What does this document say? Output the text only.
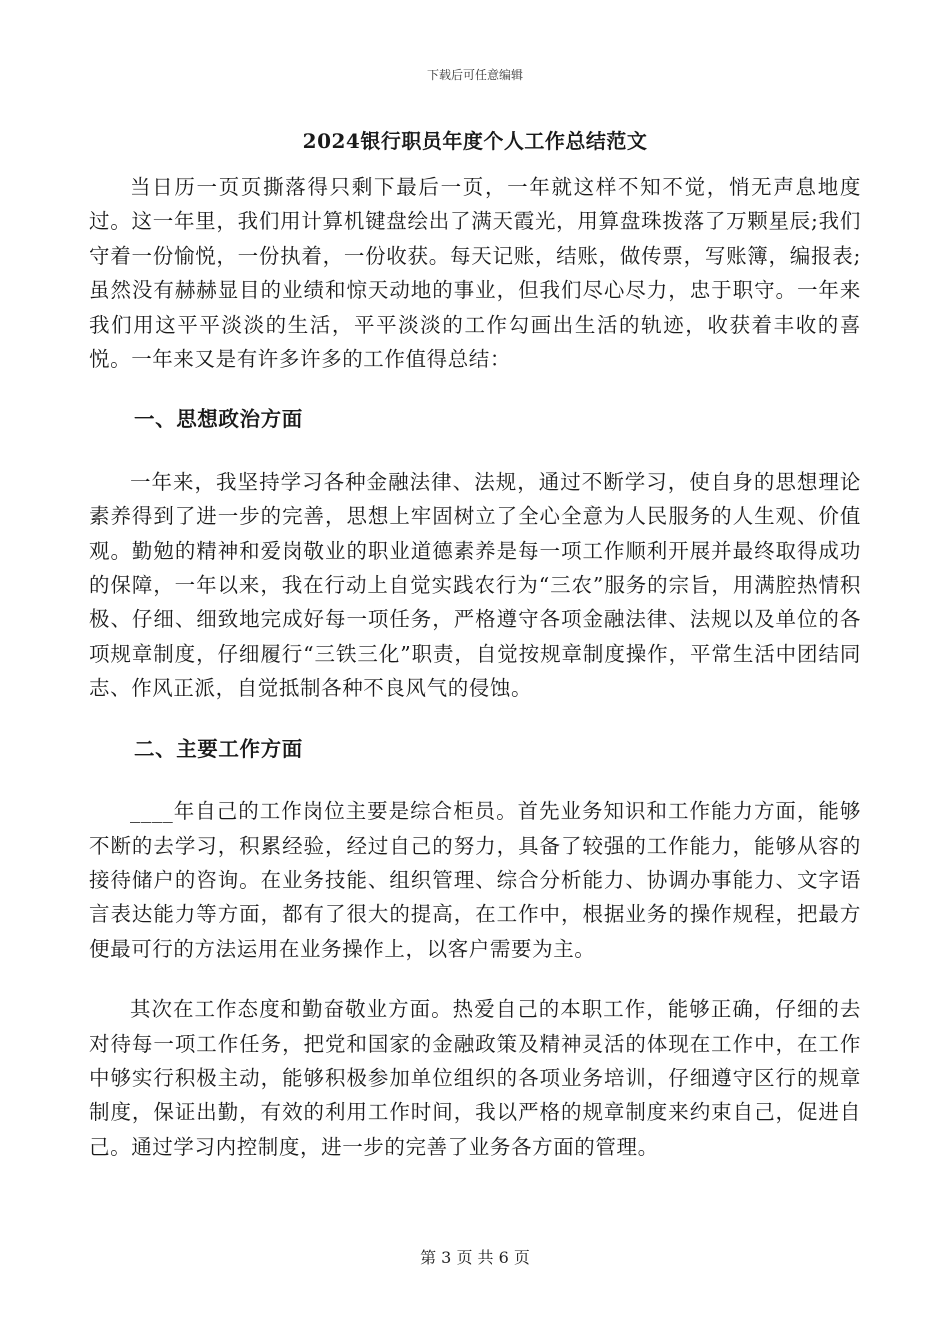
下载后可任意编辑
2024银行职员年度个人工作总结范文

当日历一页页撕落得只剩下最后一页，一年就这样不知不觉，悄无声息地度过。这一年里，我们用计算机键盘绘出了满天霞光，用算盘珠拨落了万颗星辰;我们守着一份愉悦，一份执着，一份收获。每天记账，结账，做传票，写账簿，编报表;虽然没有赫赫显目的业绩和惊天动地的事业，但我们尽心尽力，忠于职守。一年来我们用这平平淡淡的生活，平平淡淡的工作勾画出生活的轨迹，收获着丰收的喜悦。一年来又是有许多许多的工作值得总结：

一、思想政治方面

一年来，我坚持学习各种金融法律、法规，通过不断学习，使自身的思想理论素养得到了进一步的完善，思想上牢固树立了全心全意为人民服务的人生观、价值观。勤勉的精神和爱岗敬业的职业道德素养是每一项工作顺利开展并最终取得成功的保障，一年以来，我在行动上自觉实践农行为“三农”服务的宗旨，用满腔热情积极、仔细、细致地完成好每一项任务，严格遵守各项金融法律、法规以及单位的各项规章制度，仔细履行“三铁三化”职责，自觉按规章制度操作，平常生活中团结同志、作风正派，自觉抵制各种不良风气的侵蚀。

二、主要工作方面

____年自己的工作岗位主要是综合柜员。首先业务知识和工作能力方面，能够不断的去学习，积累经验，经过自己的努力，具备了较强的工作能力，能够从容的接待储户的咨询。在业务技能、组织管理、综合分析能力、协调办事能力、文字语言表达能力等方面，都有了很大的提高，在工作中，根据业务的操作规程，把最方便最可行的方法运用在业务操作上，以客户需要为主。

其次在工作态度和勤奋敬业方面。热爱自己的本职工作，能够正确，仔细的去对待每一项工作任务，把党和国家的金融政策及精神灵活的体现在工作中，在工作中够实行积极主动，能够积极参加单位组织的各项业务培训，仔细遵守区行的规章制度，保证出勤，有效的利用工作时间，我以严格的规章制度来约束自己，促进自己。通过学习内控制度，进一步的完善了业务各方面的管理。

第 3 页 共 6 页
